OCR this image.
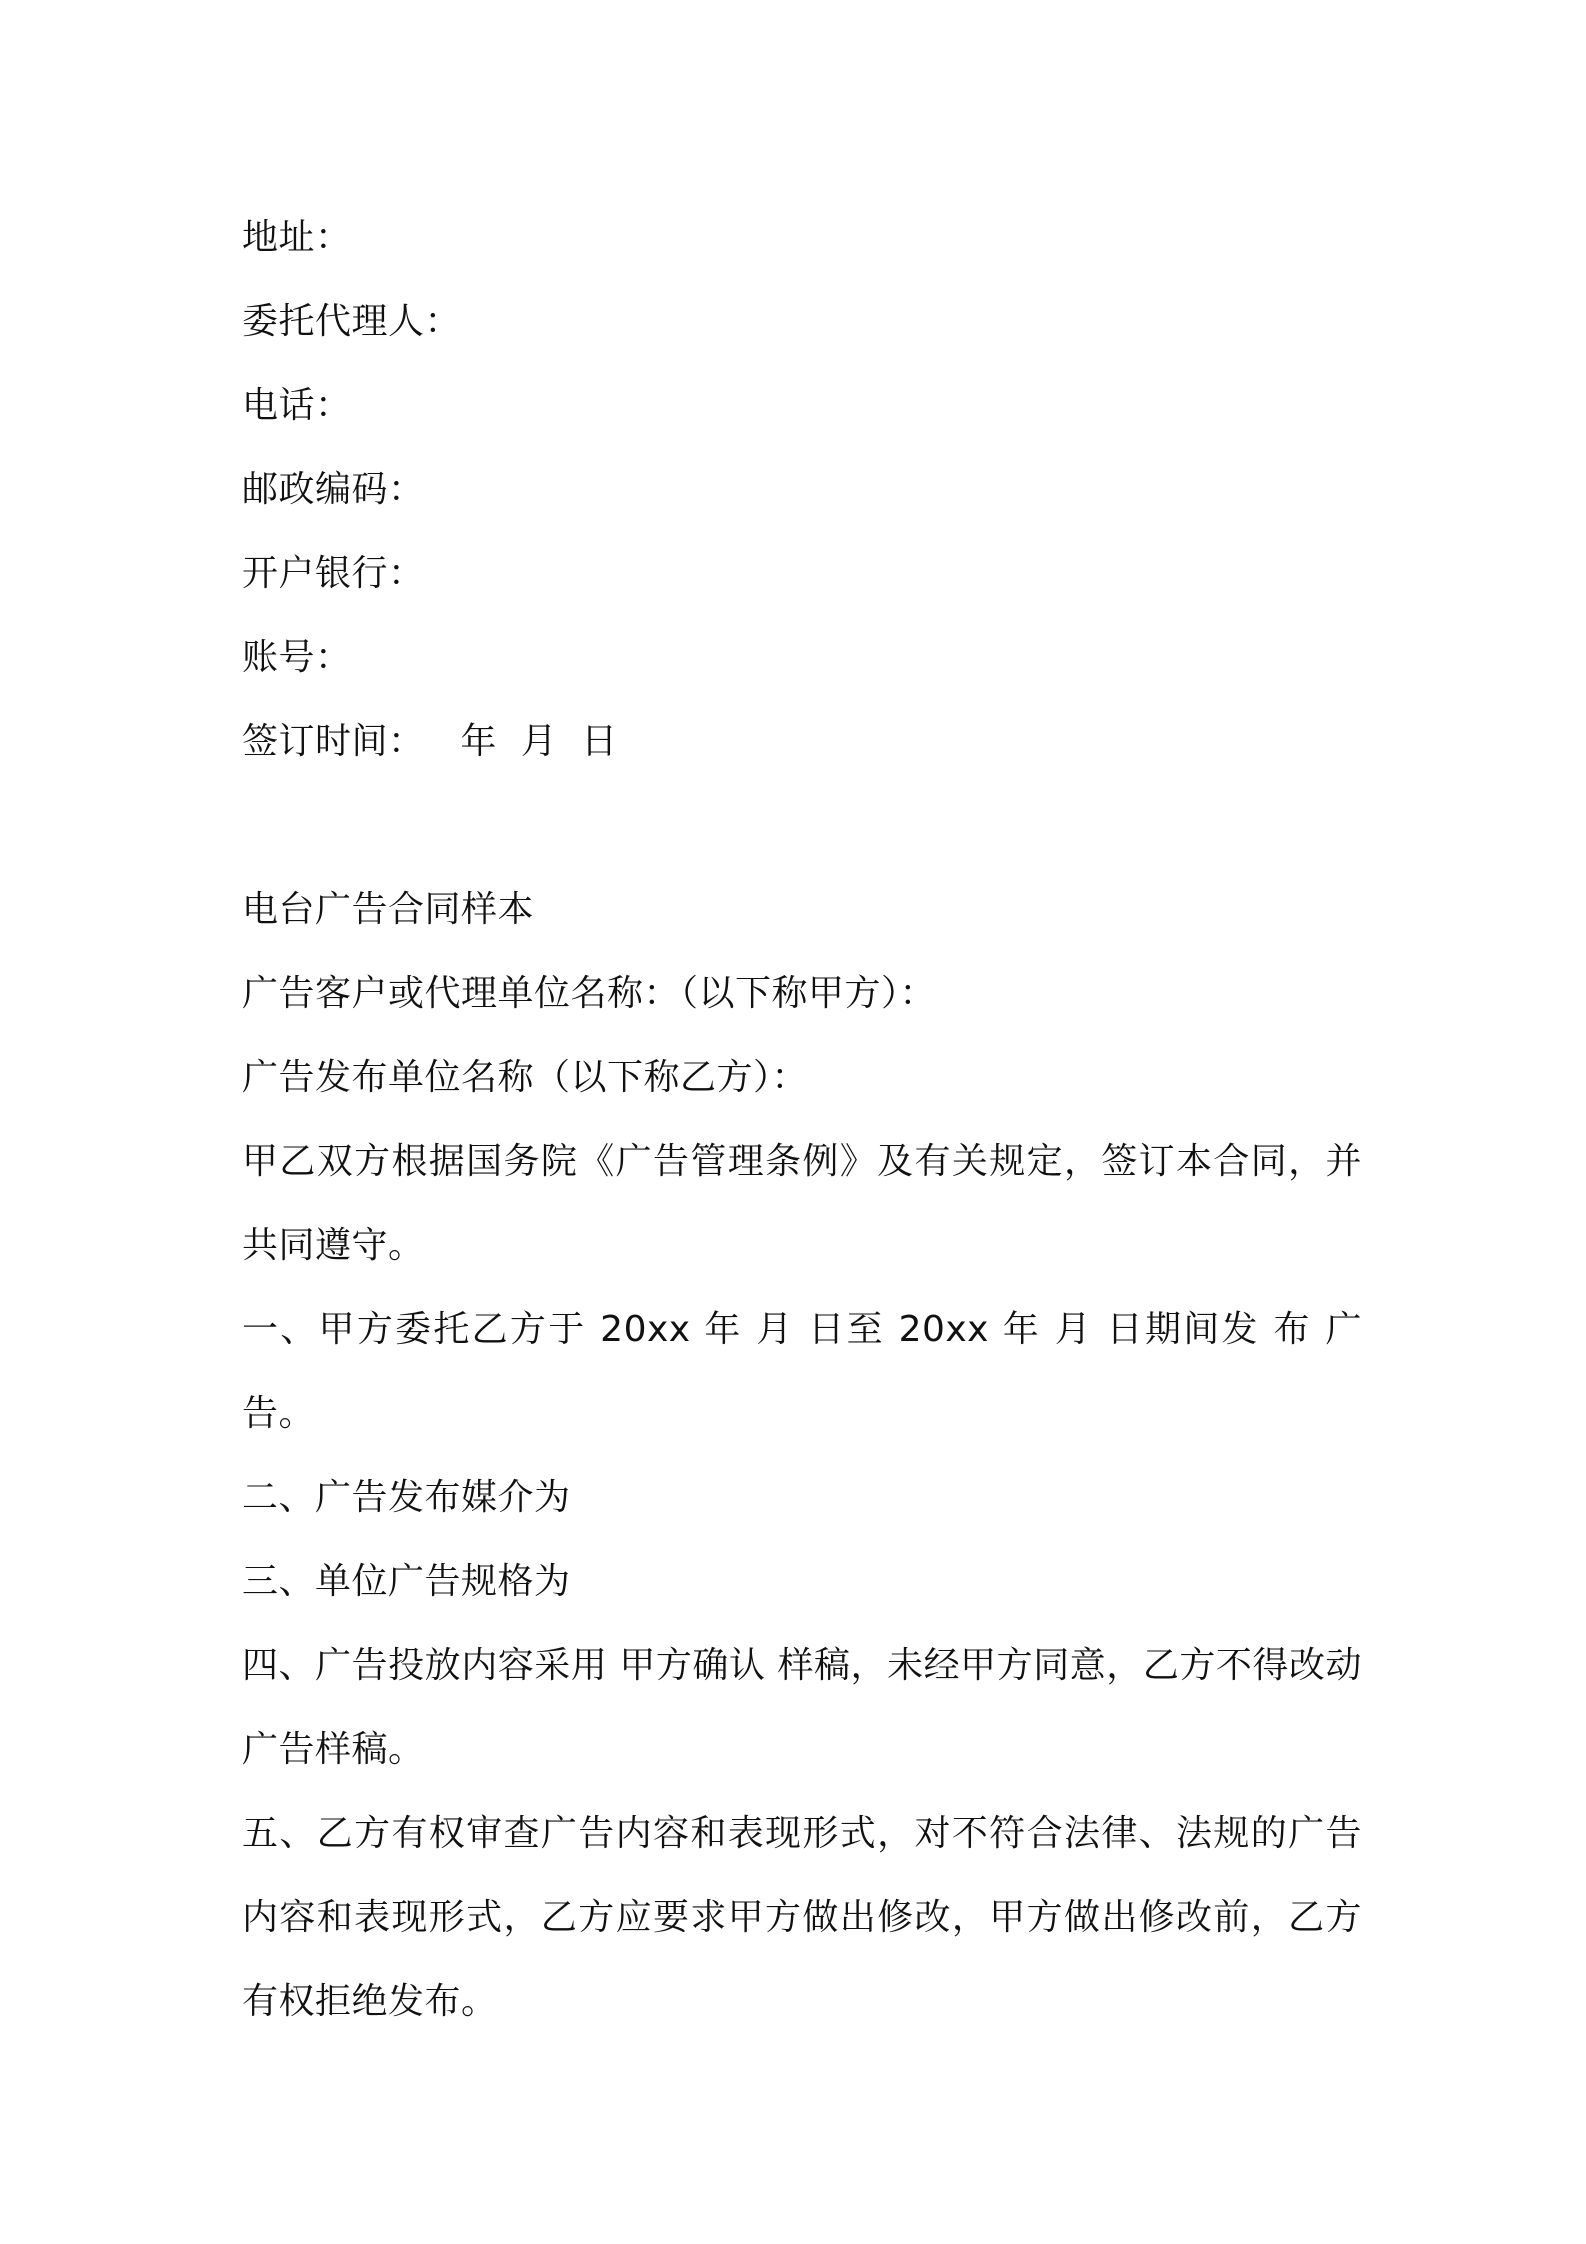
地址：
委托代理人：
电话：
邮政编码：
开户银行：
账号：
签订时间：   年  月  日
电台广告合同样本
广告客户或代理单位名称：（以下称甲方）：
广告发布单位名称（以下称乙方）：
甲乙双方根据国务院《广告管理条例》及有关规定，签订本合同，并共同遵守。
一、甲方委托乙方于 20xx 年 月 日至 20xx 年 月 日期间发 布 广告。
二、广告发布媒介为
三、单位广告规格为
四、广告投放内容采用 甲方确认 样稿，未经甲方同意，乙方不得改动广告样稿。
五、乙方有权审查广告内容和表现形式，对不符合法律、法规的广告内容和表现形式，乙方应要求甲方做出修改，甲方做出修改前，乙方有权拒绝发布。
